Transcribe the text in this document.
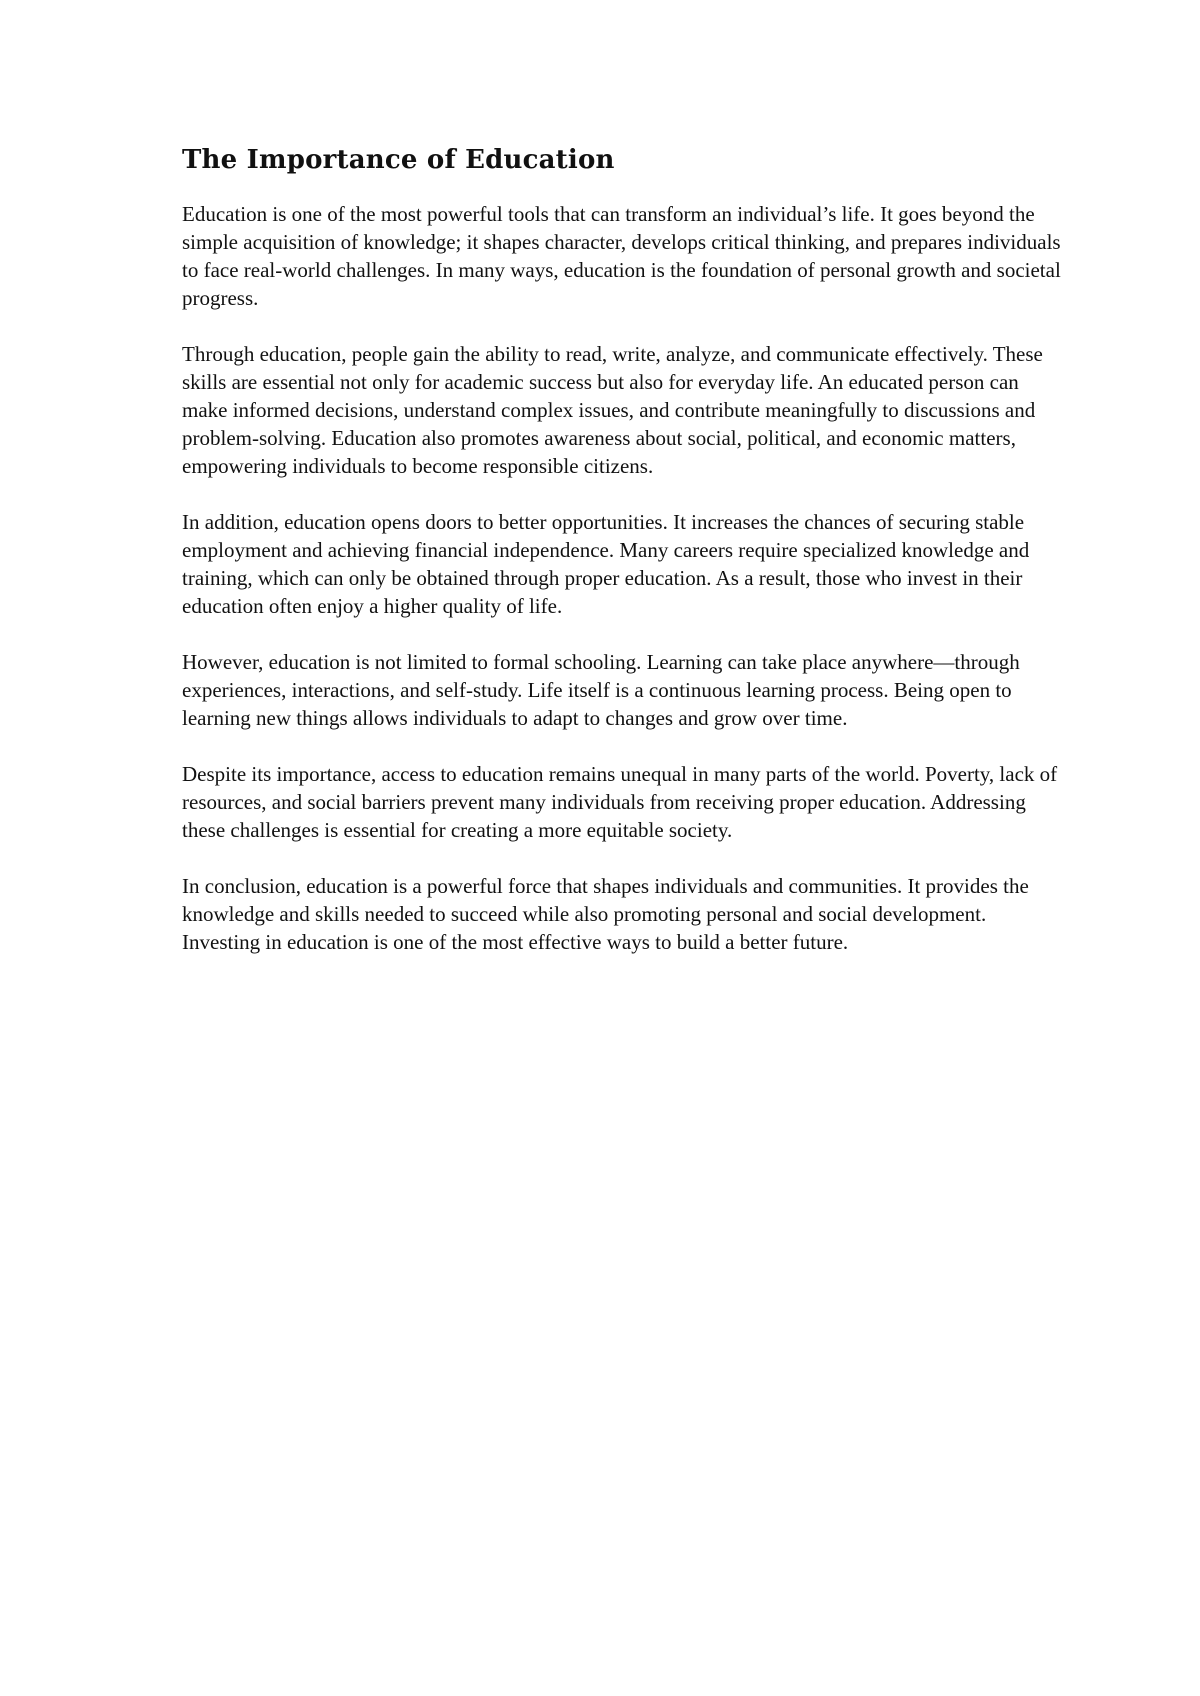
The Importance of Education

Education is one of the most powerful tools that can transform an individual’s life. It goes beyond the simple acquisition of knowledge; it shapes character, develops critical thinking, and prepares individuals to face real-world challenges. In many ways, education is the foundation of personal growth and societal progress.

Through education, people gain the ability to read, write, analyze, and communicate effectively. These skills are essential not only for academic success but also for everyday life. An educated person can make informed decisions, understand complex issues, and contribute meaningfully to discussions and problem-solving. Education also promotes awareness about social, political, and economic matters, empowering individuals to become responsible citizens.

In addition, education opens doors to better opportunities. It increases the chances of securing stable employment and achieving financial independence. Many careers require specialized knowledge and training, which can only be obtained through proper education. As a result, those who invest in their education often enjoy a higher quality of life.

However, education is not limited to formal schooling. Learning can take place anywhere—through experiences, interactions, and self-study. Life itself is a continuous learning process. Being open to learning new things allows individuals to adapt to changes and grow over time.

Despite its importance, access to education remains unequal in many parts of the world. Poverty, lack of resources, and social barriers prevent many individuals from receiving proper education. Addressing these challenges is essential for creating a more equitable society.

In conclusion, education is a powerful force that shapes individuals and communities. It provides the knowledge and skills needed to succeed while also promoting personal and social development. Investing in education is one of the most effective ways to build a better future.
